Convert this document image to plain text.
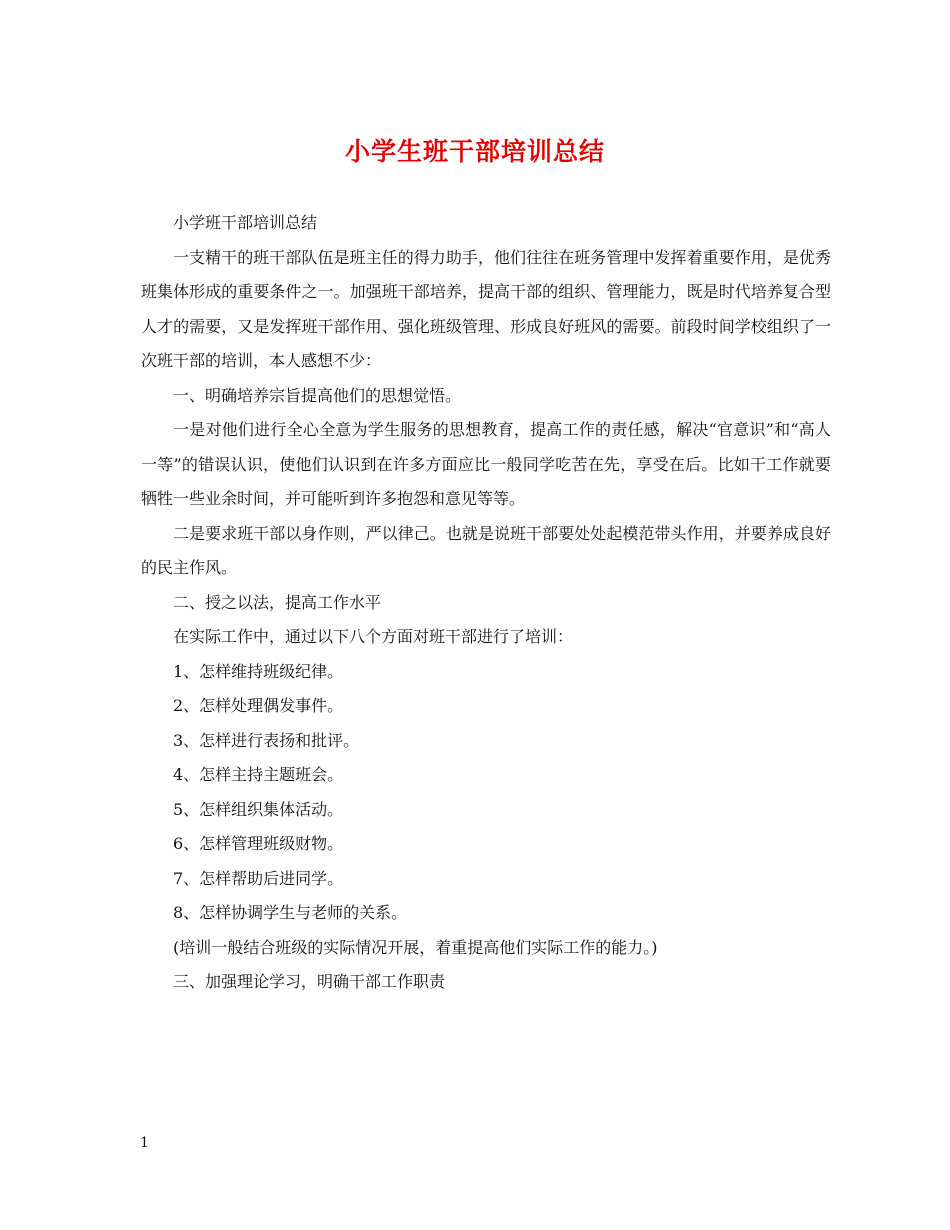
小学生班干部培训总结

小学班干部培训总结

一支精干的班干部队伍是班主任的得力助手，他们往往在班务管理中发挥着重要作用，是优秀班集体形成的重要条件之一。加强班干部培养，提高干部的组织、管理能力，既是时代培养复合型人才的需要，又是发挥班干部作用、强化班级管理、形成良好班风的需要。前段时间学校组织了一次班干部的培训，本人感想不少：

一、明确培养宗旨提高他们的思想觉悟。

一是对他们进行全心全意为学生服务的思想教育，提高工作的责任感，解决“官意识”和“高人一等”的错误认识，使他们认识到在许多方面应比一般同学吃苦在先，享受在后。比如干工作就要牺牲一些业余时间，并可能听到许多抱怨和意见等等。

二是要求班干部以身作则，严以律己。也就是说班干部要处处起模范带头作用，并要养成良好的民主作风。

二、授之以法，提高工作水平

在实际工作中，通过以下八个方面对班干部进行了培训：

1、怎样维持班级纪律。

2、怎样处理偶发事件。

3、怎样进行表扬和批评。

4、怎样主持主题班会。

5、怎样组织集体活动。

6、怎样管理班级财物。

7、怎样帮助后进同学。

8、怎样协调学生与老师的关系。

(培训一般结合班级的实际情况开展，着重提高他们实际工作的能力。)

三、加强理论学习，明确干部工作职责

1
